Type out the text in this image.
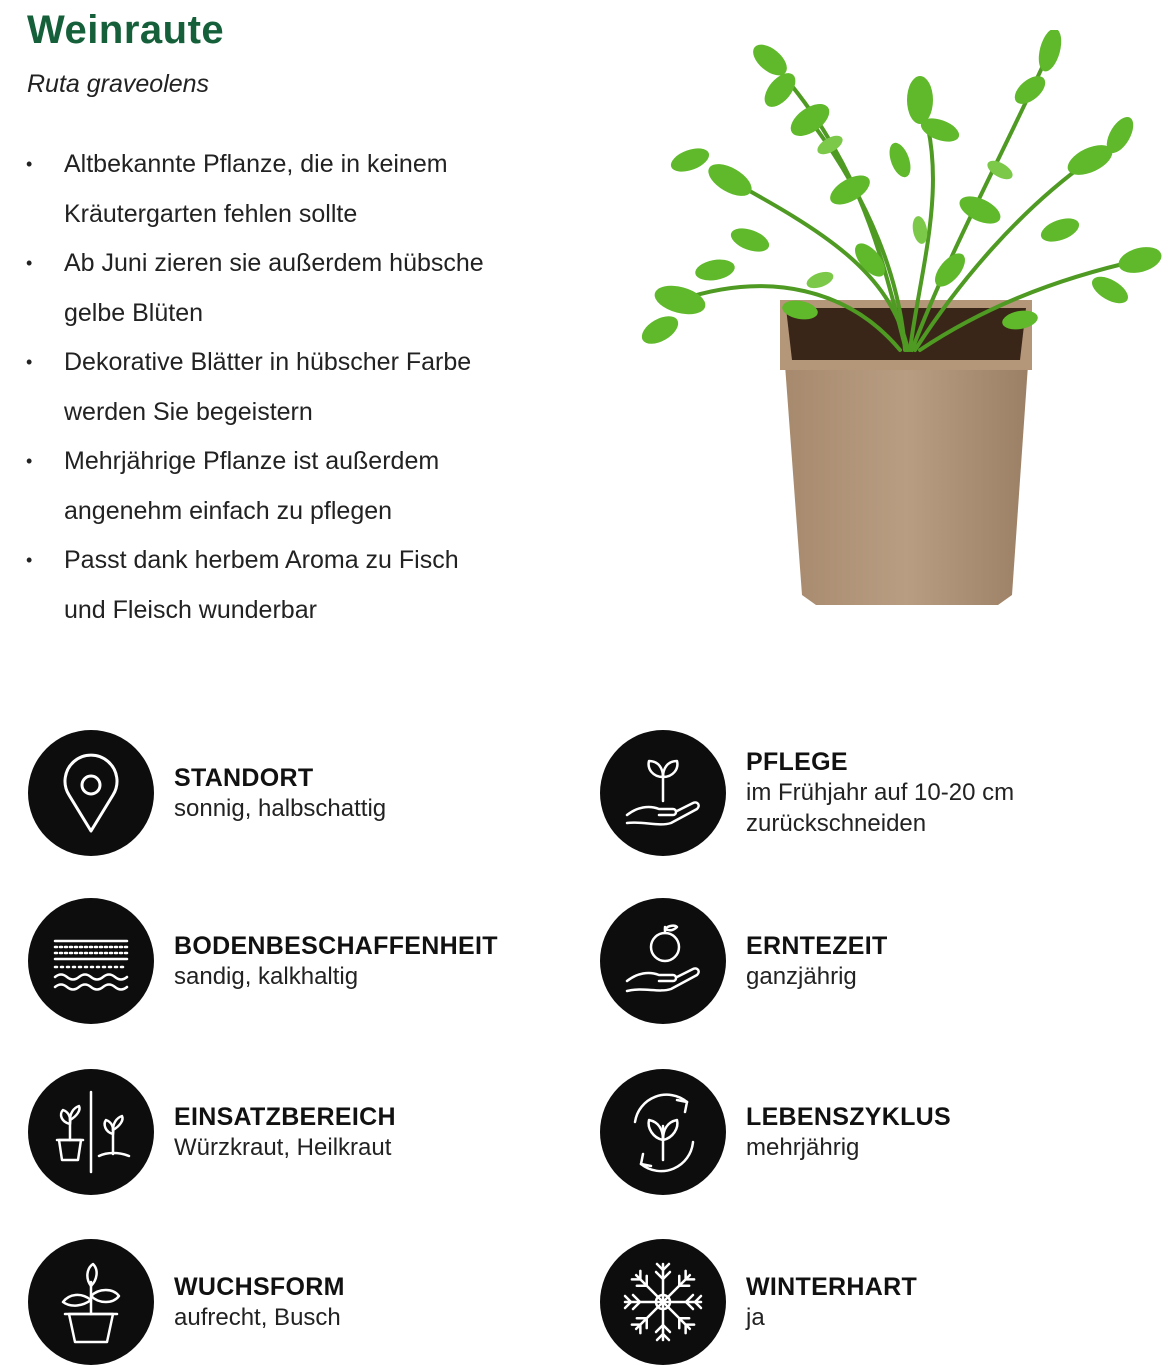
Weinraute

Ruta graveolens

• Altbekannte Pflanze, die in keinem
Kräutergarten fehlen sollte
• Ab Juni zieren sie außerdem hübsche
gelbe Blüten
• Dekorative Blätter in hübscher Farbe
werden Sie begeistern
• Mehrjährige Pflanze ist außerdem
angenehm einfach zu pflegen
• Passt dank herbem Aroma zu Fisch
und Fleisch wunderbar
STANDORT
sonnig, halbschattig
BODENBESCHAFFENHEIT
sandig, kalkhaltig
EINSATZBEREICH
Würzkraut, Heilkraut
WUCHSFORM
aufrecht, Busch
PFLEGE
im Frühjahr auf 10-20 cm
zurückschneiden
ERNTEZEIT
ganzjährig
LEBENSZYKLUS
mehrjährig
WINTERHART
ja
